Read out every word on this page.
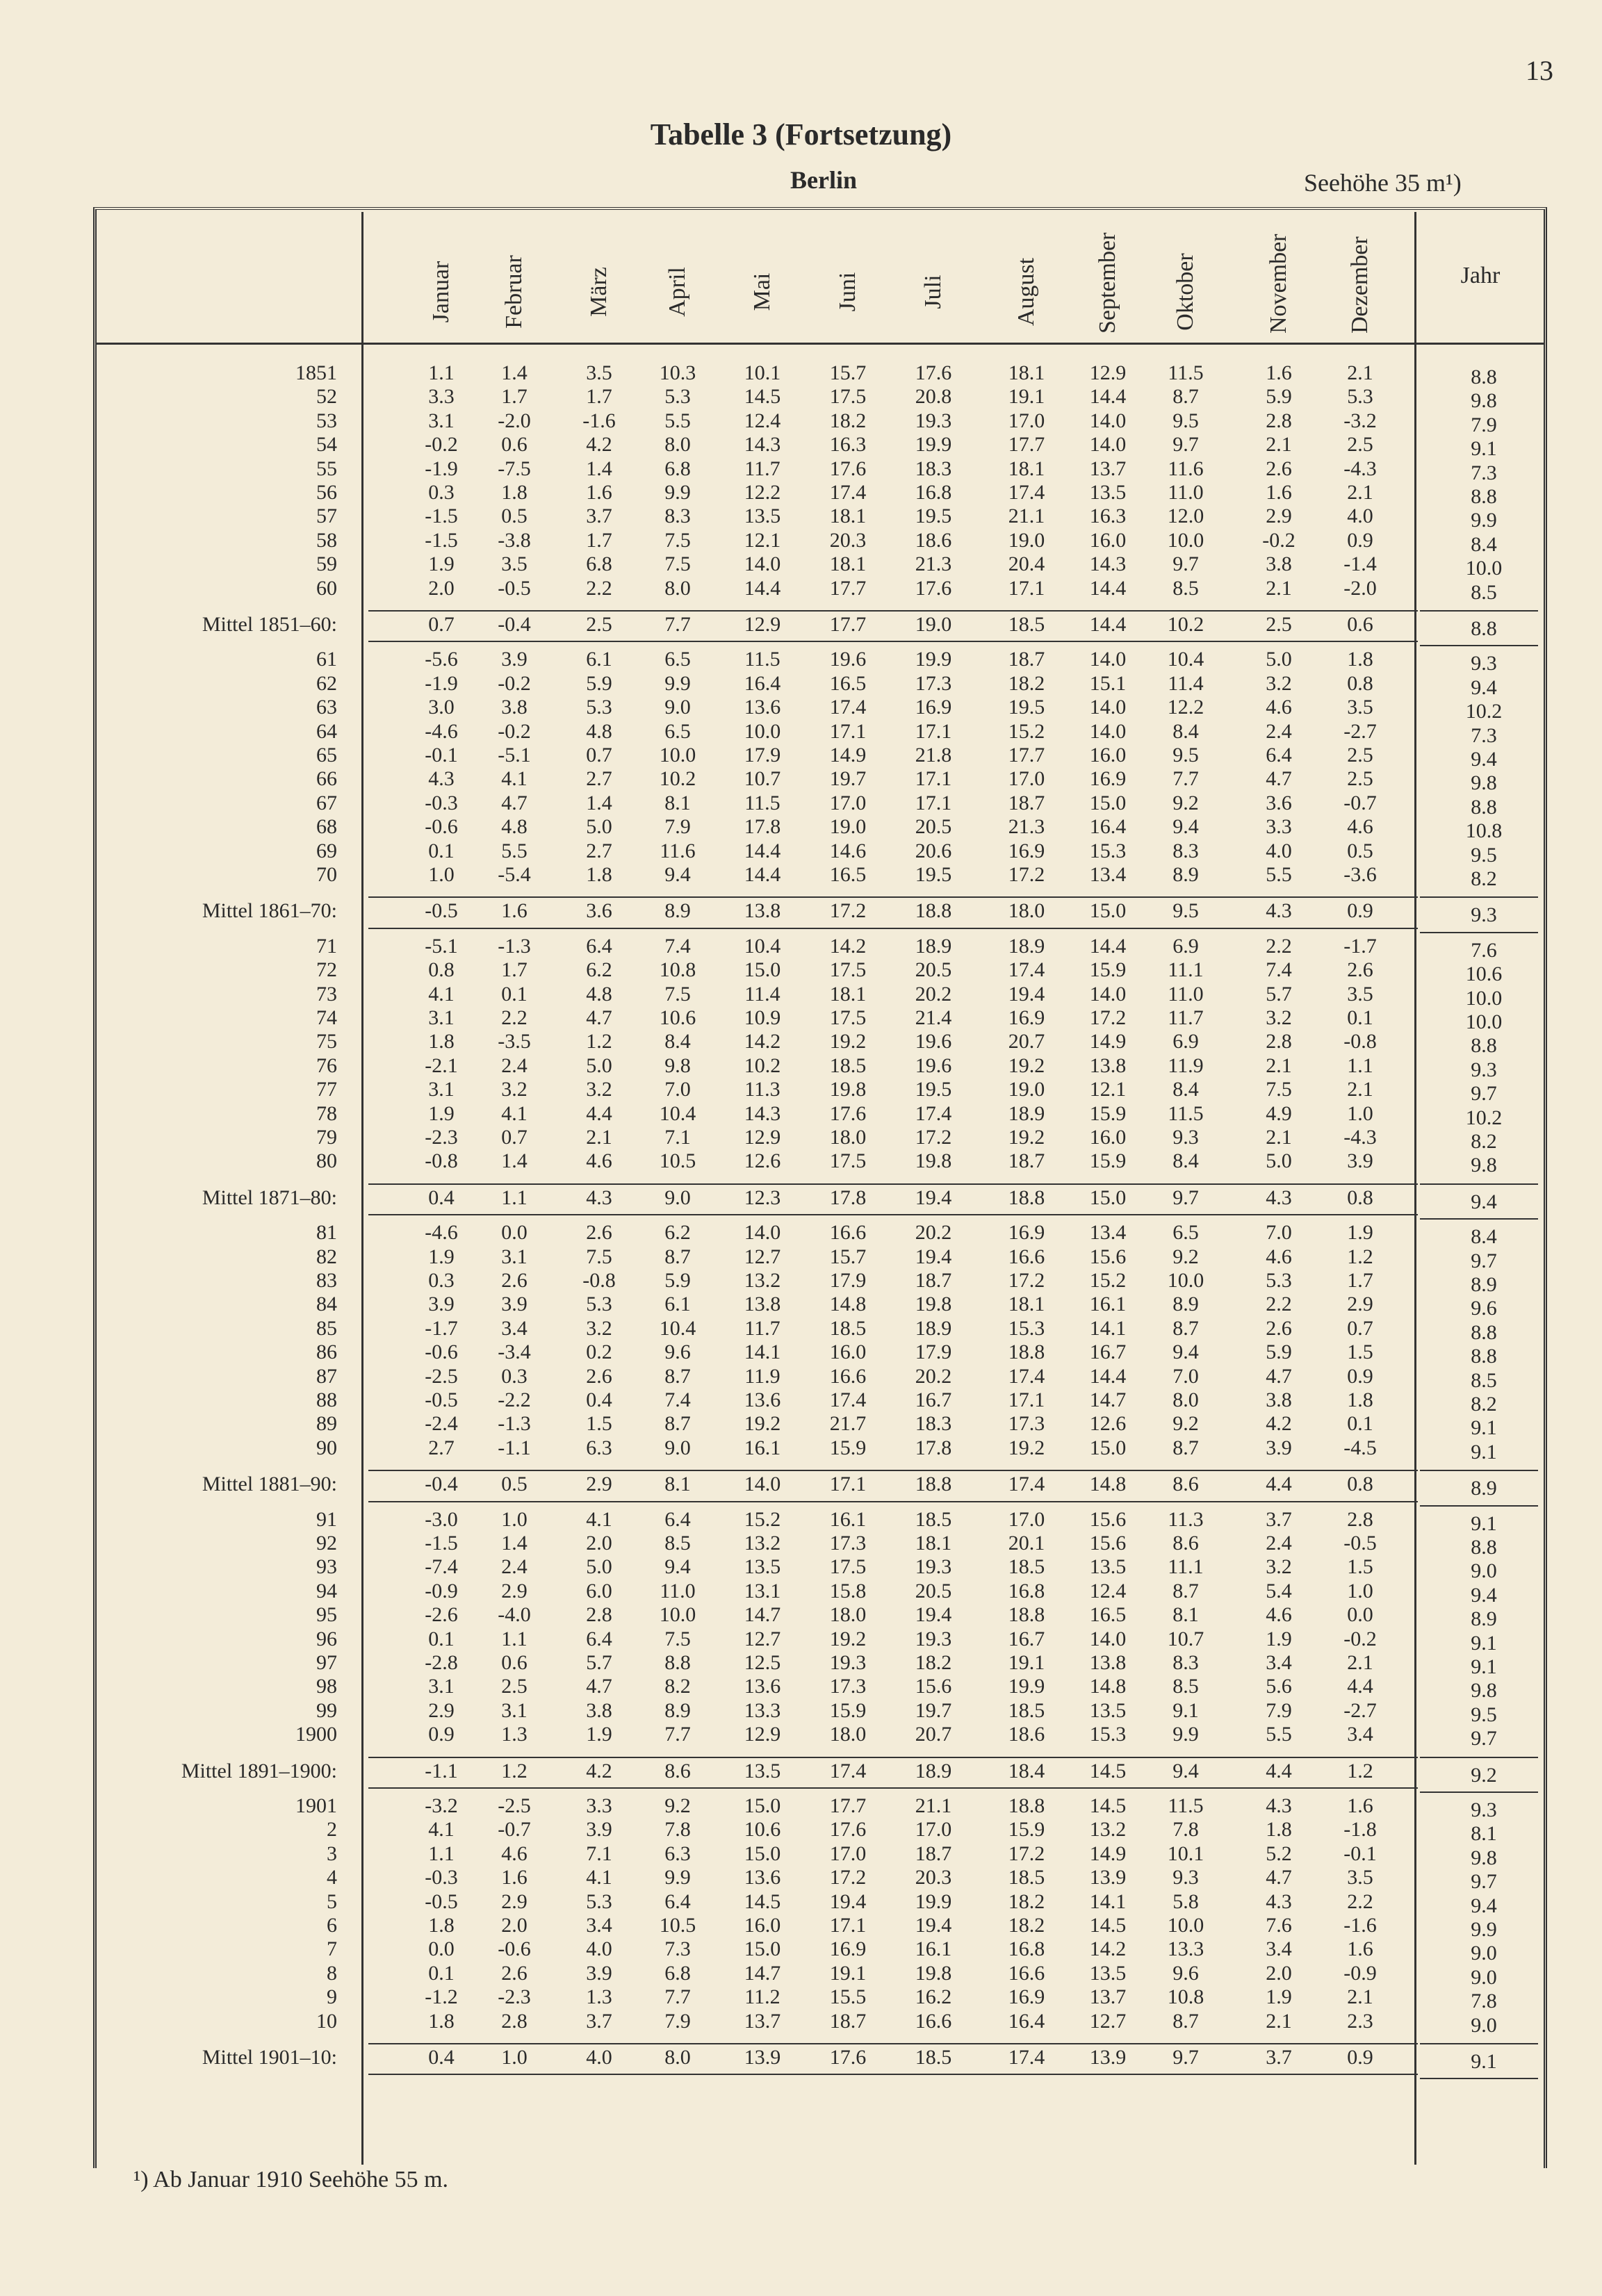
13
Tabelle 3 (Fortsetzung)
Berlin	Seehöhe 35 m¹)
Januar Februar	März April	Mai	Juni	Juli	August September Oktober	November Dezember	Jahr
1851	1.1	1.4	3.5	10.3	10.1	15.7	17.6	18.1	12.9	11.5	1.6	2.1	8.8
52	3.3	1.7	1.7	5.3	14.5	17.5	20.8	19.1	14.4	8.7	5.9	5.3	9.8
53	3.1	-2.0	-1.6	5.5	12.4	18.2	19.3	17.0	14.0	9.5	2.8	-3.2	7.9
54	-0.2	0.6	4.2	8.0	14.3	16.3	19.9	17.7	14.0	9.7	2.1	2.5	9.1
55	-1.9	-7.5	1.4	6.8	11.7	17.6	18.3	18.1	13.7	11.6	2.6	-4.3	7.3
56	0.3	1.8	1.6	9.9	12.2	17.4	16.8	17.4	13.5	11.0	1.6	2.1	8.8
57	-1.5	0.5	3.7	8.3	13.5	18.1	19.5	21.1	16.3	12.0	2.9	4.0	9.9
58	-1.5	-3.8	1.7	7.5	12.1	20.3	18.6	19.0	16.0	10.0	-0.2	0.9	8.4
59	1.9	3.5	6.8	7.5	14.0	18.1	21.3	20.4	14.3	9.7	3.8	-1.4	10.0
60	2.0	-0.5	2.2	8.0	14.4	17.7	17.6	17.1	14.4	8.5	2.1	-2.0	8.5
Mittel 1851–60:	0.7	-0.4	2.5	7.7	12.9	17.7	19.0	18.5	14.4	10.2	2.5	0.6	8.8
61	-5.6	3.9	6.1	6.5	11.5	19.6	19.9	18.7	14.0	10.4	5.0	1.8	9.3
62	-1.9	-0.2	5.9	9.9	16.4	16.5	17.3	18.2	15.1	11.4	3.2	0.8	9.4
63	3.0	3.8	5.3	9.0	13.6	17.4	16.9	19.5	14.0	12.2	4.6	3.5	10.2
64	-4.6	-0.2	4.8	6.5	10.0	17.1	17.1	15.2	14.0	8.4	2.4	-2.7	7.3
65	-0.1	-5.1	0.7	10.0	17.9	14.9	21.8	17.7	16.0	9.5	6.4	2.5	9.4
66	4.3	4.1	2.7	10.2	10.7	19.7	17.1	17.0	16.9	7.7	4.7	2.5	9.8
67	-0.3	4.7	1.4	8.1	11.5	17.0	17.1	18.7	15.0	9.2	3.6	-0.7	8.8
68	-0.6	4.8	5.0	7.9	17.8	19.0	20.5	21.3	16.4	9.4	3.3	4.6	10.8
69	0.1	5.5	2.7	11.6	14.4	14.6	20.6	16.9	15.3	8.3	4.0	0.5	9.5
70	1.0	-5.4	1.8	9.4	14.4	16.5	19.5	17.2	13.4	8.9	5.5	-3.6	8.2
Mittel 1861–70:	-0.5	1.6	3.6	8.9	13.8	17.2	18.8	18.0	15.0	9.5	4.3	0.9	9.3
71	-5.1	-1.3	6.4	7.4	10.4	14.2	18.9	18.9	14.4	6.9	2.2	-1.7	7.6
72	0.8	1.7	6.2	10.8	15.0	17.5	20.5	17.4	15.9	11.1	7.4	2.6	10.6
73	4.1	0.1	4.8	7.5	11.4	18.1	20.2	19.4	14.0	11.0	5.7	3.5	10.0
74	3.1	2.2	4.7	10.6	10.9	17.5	21.4	16.9	17.2	11.7	3.2	0.1	10.0
75	1.8	-3.5	1.2	8.4	14.2	19.2	19.6	20.7	14.9	6.9	2.8	-0.8	8.8
76	-2.1	2.4	5.0	9.8	10.2	18.5	19.6	19.2	13.8	11.9	2.1	1.1	9.3
77	3.1	3.2	3.2	7.0	11.3	19.8	19.5	19.0	12.1	8.4	7.5	2.1	9.7
78	1.9	4.1	4.4	10.4	14.3	17.6	17.4	18.9	15.9	11.5	4.9	1.0	10.2
79	-2.3	0.7	2.1	7.1	12.9	18.0	17.2	19.2	16.0	9.3	2.1	-4.3	8.2
80	-0.8	1.4	4.6	10.5	12.6	17.5	19.8	18.7	15.9	8.4	5.0	3.9	9.8
Mittel 1871–80:	0.4	1.1	4.3	9.0	12.3	17.8	19.4	18.8	15.0	9.7	4.3	0.8	9.4
81	-4.6	0.0	2.6	6.2	14.0	16.6	20.2	16.9	13.4	6.5	7.0	1.9	8.4
82	1.9	3.1	7.5	8.7	12.7	15.7	19.4	16.6	15.6	9.2	4.6	1.2	9.7
83	0.3	2.6	-0.8	5.9	13.2	17.9	18.7	17.2	15.2	10.0	5.3	1.7	8.9
84	3.9	3.9	5.3	6.1	13.8	14.8	19.8	18.1	16.1	8.9	2.2	2.9	9.6
85	-1.7	3.4	3.2	10.4	11.7	18.5	18.9	15.3	14.1	8.7	2.6	0.7	8.8
86	-0.6	-3.4	0.2	9.6	14.1	16.0	17.9	18.8	16.7	9.4	5.9	1.5	8.8
87	-2.5	0.3	2.6	8.7	11.9	16.6	20.2	17.4	14.4	7.0	4.7	0.9	8.5
88	-0.5	-2.2	0.4	7.4	13.6	17.4	16.7	17.1	14.7	8.0	3.8	1.8	8.2
89	-2.4	-1.3	1.5	8.7	19.2	21.7	18.3	17.3	12.6	9.2	4.2	0.1	9.1
90	2.7	-1.1	6.3	9.0	16.1	15.9	17.8	19.2	15.0	8.7	3.9	-4.5	9.1
Mittel 1881–90:	-0.4	0.5	2.9	8.1	14.0	17.1	18.8	17.4	14.8	8.6	4.4	0.8	8.9
91	-3.0	1.0	4.1	6.4	15.2	16.1	18.5	17.0	15.6	11.3	3.7	2.8	9.1
92	-1.5	1.4	2.0	8.5	13.2	17.3	18.1	20.1	15.6	8.6	2.4	-0.5	8.8
93	-7.4	2.4	5.0	9.4	13.5	17.5	19.3	18.5	13.5	11.1	3.2	1.5	9.0
94	-0.9	2.9	6.0	11.0	13.1	15.8	20.5	16.8	12.4	8.7	5.4	1.0	9.4
95	-2.6	-4.0	2.8	10.0	14.7	18.0	19.4	18.8	16.5	8.1	4.6	0.0	8.9
96	0.1	1.1	6.4	7.5	12.7	19.2	19.3	16.7	14.0	10.7	1.9	-0.2	9.1
97	-2.8	0.6	5.7	8.8	12.5	19.3	18.2	19.1	13.8	8.3	3.4	2.1	9.1
98	3.1	2.5	4.7	8.2	13.6	17.3	15.6	19.9	14.8	8.5	5.6	4.4	9.8
99	2.9	3.1	3.8	8.9	13.3	15.9	19.7	18.5	13.5	9.1	7.9	-2.7	9.5
1900	0.9	1.3	1.9	7.7	12.9	18.0	20.7	18.6	15.3	9.9	5.5	3.4	9.7
Mittel 1891–1900:	-1.1	1.2	4.2	8.6	13.5	17.4	18.9	18.4	14.5	9.4	4.4	1.2	9.2
1901	-3.2	-2.5	3.3	9.2	15.0	17.7	21.1	18.8	14.5	11.5	4.3	1.6	9.3
2	4.1	-0.7	3.9	7.8	10.6	17.6	17.0	15.9	13.2	7.8	1.8	-1.8	8.1
3	1.1	4.6	7.1	6.3	15.0	17.0	18.7	17.2	14.9	10.1	5.2	-0.1	9.8
4	-0.3	1.6	4.1	9.9	13.6	17.2	20.3	18.5	13.9	9.3	4.7	3.5	9.7
5	-0.5	2.9	5.3	6.4	14.5	19.4	19.9	18.2	14.1	5.8	4.3	2.2	9.4
6	1.8	2.0	3.4	10.5	16.0	17.1	19.4	18.2	14.5	10.0	7.6	-1.6	9.9
7	0.0	-0.6	4.0	7.3	15.0	16.9	16.1	16.8	14.2	13.3	3.4	1.6	9.0
8	0.1	2.6	3.9	6.8	14.7	19.1	19.8	16.6	13.5	9.6	2.0	-0.9	9.0
9	-1.2	-2.3	1.3	7.7	11.2	15.5	16.2	16.9	13.7	10.8	1.9	2.1	7.8
10	1.8	2.8	3.7	7.9	13.7	18.7	16.6	16.4	12.7	8.7	2.1	2.3	9.0
Mittel 1901–10:	0.4	1.0	4.0	8.0	13.9	17.6	18.5	17.4	13.9	9.7	3.7	0.9	9.1
¹) Ab Januar 1910 Seehöhe 55 m.
